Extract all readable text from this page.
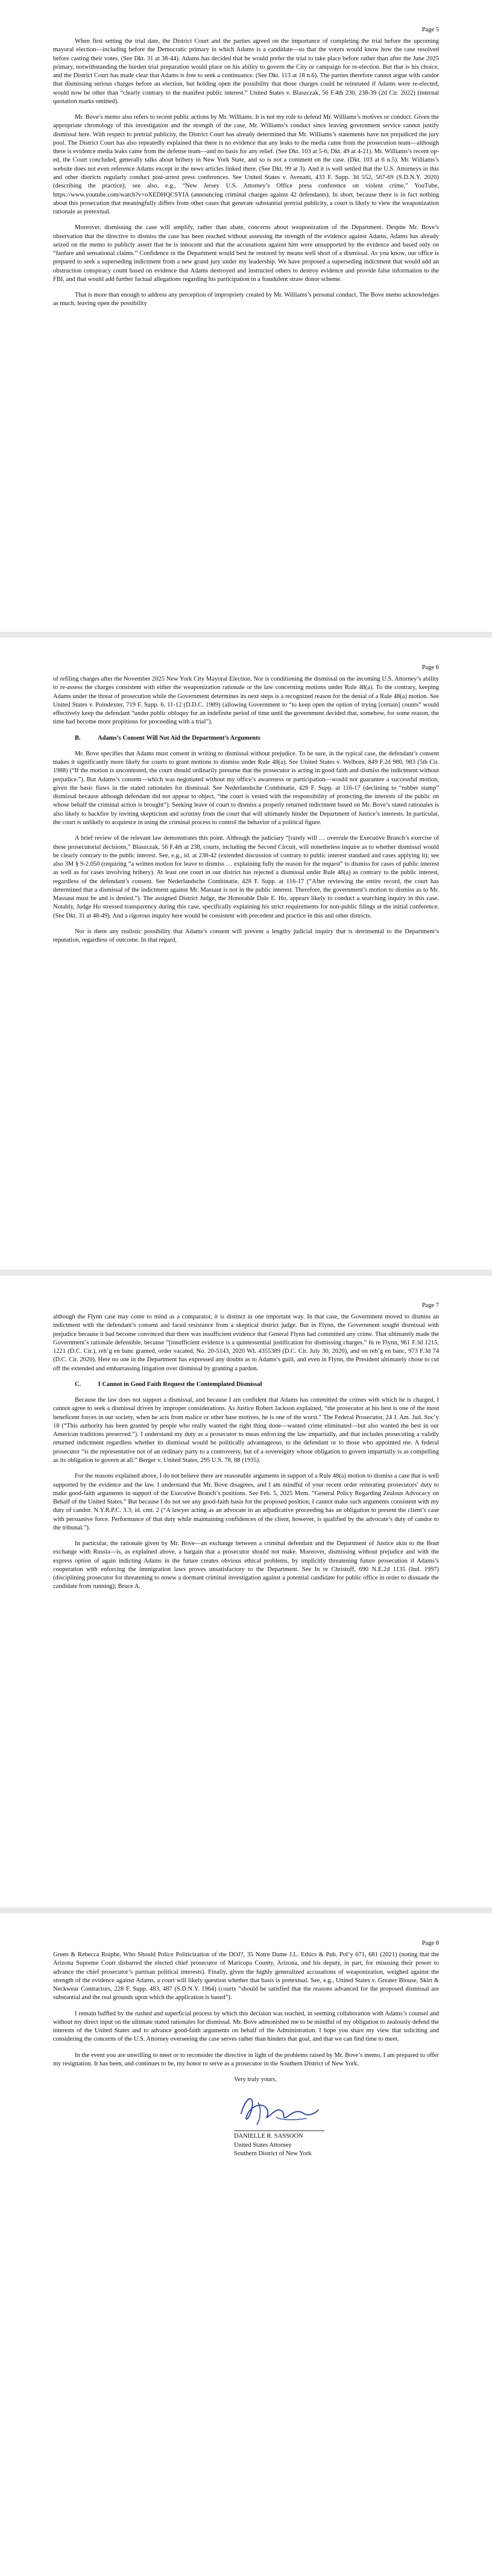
Page 5

When first setting the trial date, the District Court and the parties agreed on the importance of completing the trial before the upcoming mayoral election—including before the Democratic primary in which Adams is a candidate—so that the voters would know how the case resolved before casting their votes. (See Dkt. 31 at 38-44). Adams has decided that he would prefer the trial to take place before rather than after the June 2025 primary, notwithstanding the burden trial preparation would place on his ability to govern the City or campaign for re-election. But that is his choice, and the District Court has made clear that Adams is free to seek a continuance. (See Dkt. 113 at 18 n.6). The parties therefore cannot argue with candor that dismissing serious charges before an election, but holding open the possibility that those charges could be reinstated if Adams were re-elected, would now be other than “clearly contrary to the manifest public interest.” United States v. Blaszczak, 56 F.4th 230, 238-39 (2d Cir. 2022) (internal quotation marks omitted).

Mr. Bove’s memo also refers to recent public actions by Mr. Williams. It is not my role to defend Mr. Williams’s motives or conduct. Given the appropriate chronology of this investigation and the strength of the case, Mr. Williams’s conduct since leaving government service cannot justify dismissal here. With respect to pretrial publicity, the District Court has already determined that Mr. Williams’s statements have not prejudiced the jury pool. The District Court has also repeatedly explained that there is no evidence that any leaks to the media came from the prosecution team—although there is evidence media leaks came from the defense team—and no basis for any relief. (See Dkt. 103 at 5-6; Dkt. 49 at 4-21). Mr. Williams’s recent op-ed, the Court concluded, generally talks about bribery in New York State, and so is not a comment on the case. (Dkt. 103 at 6 n.5). Mr. Williams’s website does not even reference Adams except in the news articles linked there. (See Dkt. 99 at 3). And it is well settled that the U.S. Attorneys in this and other districts regularly conduct post-arrest press conferences. See United States v. Avenatti, 433 F. Supp. 3d 552, 567-69 (S.D.N.Y. 2020) (describing the practice); see also, e.g., “New Jersey U.S. Attorney’s Office press conference on violent crime,” YouTube, https://www.youtube.com/watch?v=oXEDHQCSYIA (announcing criminal charges against 42 defendants). In short, because there is in fact nothing about this prosecution that meaningfully differs from other cases that generate substantial pretrial publicity, a court is likely to view the weaponization rationale as pretextual.

Moreover, dismissing the case will amplify, rather than abate, concerns about weaponization of the Department. Despite Mr. Bove’s observation that the directive to dismiss the case has been reached without assessing the strength of the evidence against Adams, Adams has already seized on the memo to publicly assert that he is innocent and that the accusations against him were unsupported by the evidence and based only on “fanfare and sensational claims.” Confidence in the Department would best be restored by means well short of a dismissal. As you know, our office is prepared to seek a superseding indictment from a new grand jury under my leadership. We have proposed a superseding indictment that would add an obstruction conspiracy count based on evidence that Adams destroyed and instructed others to destroy evidence and provide false information to the FBI, and that would add further factual allegations regarding his participation in a fraudulent straw donor scheme.

That is more than enough to address any perception of impropriety created by Mr. Williams’s personal conduct. The Bove memo acknowledges as much, leaving open the possibility

Page 6

of refiling charges after the November 2025 New York City Mayoral Election. Nor is conditioning the dismissal on the incoming U.S. Attorney’s ability to re-assess the charges consistent with either the weaponization rationale or the law concerning motions under Rule 48(a). To the contrary, keeping Adams under the threat of prosecution while the Government determines its next steps is a recognized reason for the denial of a Rule 48(a) motion. See United States v. Poindexter, 719 F. Supp. 6, 11-12 (D.D.C. 1989) (allowing Government to “to keep open the option of trying [certain] counts” would effectively keep the defendant “under public obloquy for an indefinite period of time until the government decided that, somehow, for some reason, the time had become more propitious for proceeding with a trial”).

B.	Adams’s Consent Will Not Aid the Department’s Arguments

Mr. Bove specifies that Adams must consent in writing to dismissal without prejudice. To be sure, in the typical case, the defendant’s consent makes it significantly more likely for courts to grant motions to dismiss under Rule 48(a). See United States v. Welborn, 849 F.2d 980, 983 (5th Cir. 1988) (“If the motion is uncontested, the court should ordinarily presume that the prosecutor is acting in good faith and dismiss the indictment without prejudice.”). But Adams’s consent—which was negotiated without my office’s awareness or participation—would not guarantee a successful motion, given the basic flaws in the stated rationales for dismissal. See Nederlandsche Combinatie, 428 F. Supp. at 116-17 (declining to “rubber stamp” dismissal because although defendant did not appear to object, “the court is vested with the responsibility of protecting the interests of the public on whose behalf the criminal action is brought”). Seeking leave of court to dismiss a properly returned indictment based on Mr. Bove’s stated rationales is also likely to backfire by inviting skepticism and scrutiny from the court that will ultimately hinder the Department of Justice’s interests. In particular, the court is unlikely to acquiesce in using the criminal process to control the behavior of a political figure.

A brief review of the relevant law demonstrates this point. Although the judiciary “[rarely will … overrule the Executive Branch’s exercise of these prosecutorial decisions,” Blaszczak, 56 F.4th at 238, courts, including the Second Circuit, will nonetheless inquire as to whether dismissal would be clearly contrary to the public interest. See, e.g., id. at 238-42 (extended discussion of contrary to public interest standard and cases applying it); see also 3M § 9-2.050 (requiring “a written motion for leave to dismiss … explaining fully the reason for the request” to dismiss for cases of public interest as well as for cases involving bribery). At least one court in our district has rejected a dismissal under Rule 48(a) as contrary to the public interest, regardless of the defendant’s consent. See Nederlandsche Combinatie, 428 F. Supp. at 116-17 (“After reviewing the entire record, the court has determined that a dismissal of the indictment against Mr. Massaut is not in the public interest. Therefore, the government’s motion to dismiss as to Mr. Massaut must be and is denied.”). The assigned District Judge, the Honorable Dale E. Ho, appears likely to conduct a searching inquiry in this case. Notably, Judge Ho stressed transparency during this case, specifically explaining his strict requirements for non-public filings at the initial conference. (See Dkt. 31 at 48-49). And a rigorous inquiry here would be consistent with precedent and practice in this and other districts.

Nor is there any realistic possibility that Adams’s consent will prevent a lengthy judicial inquiry that is detrimental to the Department’s reputation, regardless of outcome. In that regard,

Page 7

although the Flynn case may come to mind as a comparator, it is distinct in one important way. In that case, the Government moved to dismiss an indictment with the defendant’s consent and faced resistance from a skeptical district judge. But in Flynn, the Government sought dismissal with prejudice because it had become convinced that there was insufficient evidence that General Flynn had committed any crime. That ultimately made the Government’s rationale defensible, because “[insufficient evidence is a quintessential justification for dismissing charges.” In re Flynn, 961 F.3d 1215, 1221 (D.C. Cir.), reh’g en banc granted, order vacated, No. 20-5143, 2020 WL 4355389 (D.C. Cir. July 30, 2020), and on reh’g en banc, 973 F.3d 74 (D.C. Cir. 2020). Here no one in the Department has expressed any doubts as to Adams’s guilt, and even in Flynn, the President ultimately chose to cut off the extended and embarrassing litigation over dismissal by granting a pardon.

C.	I Cannot in Good Faith Request the Contemplated Dismissal

Because the law does not support a dismissal, and because I am confident that Adams has committed the crimes with which he is charged, I cannot agree to seek a dismissal driven by improper considerations. As Justice Robert Jackson explained, “the prosecutor at his best is one of the most beneficent forces in our society, when he acts from malice or other base motives, he is one of the worst.” The Federal Prosecutor, 24 J. Am. Jud. Soc’y 18 (“This authority has been granted by people who really wanted the right thing done—wanted crime eliminated—but also wanted the best in our American traditions preserved.”). I understand my duty as a prosecutor to mean enforcing the law impartially, and that includes prosecuting a validly returned indictment regardless whether its dismissal would be politically advantageous, to the defendant or to those who appointed me. A federal prosecutor “is the representative not of an ordinary party to a controversy, but of a sovereignty whose obligation to govern impartially is as compelling as its obligation to govern at all.” Berger v. United States, 295 U.S. 78, 88 (1935).

For the reasons explained above, I do not believe there are reasonable arguments in support of a Rule 48(a) motion to dismiss a case that is well supported by the evidence and the law. I understand that Mr. Bove disagrees, and I am mindful of your recent order reiterating prosecutors’ duty to make good-faith arguments in support of the Executive Branch’s positions. See Feb. 5, 2025 Mem. “General Policy Regarding Zealous Advocacy on Behalf of the United States.” But because I do not see any good-faith basis for the proposed position, I cannot make such arguments consistent with my duty of candor. N.Y.R.P.C. 3.3; id. cmt. 2 (“A lawyer acting as an advocate in an adjudicative proceeding has an obligation to present the client’s case with persuasive force. Performance of that duty while maintaining confidences of the client, however, is qualified by the advocate’s duty of candor to the tribunal.”).

In particular, the rationale given by Mr. Bove—an exchange between a criminal defendant and the Department of Justice akin to the Bout exchange with Russia—is, as explained above, a bargain that a prosecutor should not make. Moreover, dismissing without prejudice and with the express option of again indicting Adams in the future creates obvious ethical problems, by implicitly threatening future prosecution if Adams’s cooperation with enforcing the immigration laws proves unsatisfactory to the Department. See In re Christoff, 690 N.E.2d 1135 (Ind. 1997) (disciplining prosecutor for threatening to renew a dormant criminal investigation against a potential candidate for public office in order to dissuade the candidate from running); Bruce A.

Page 8

Green & Rebecca Roiphe, Who Should Police Politicization of the DOJ?, 35 Notre Dame J.L. Ethics & Pub. Pol’y 671, 681 (2021) (noting that the Arizona Supreme Court disbarred the elected chief prosecutor of Maricopa County, Arizona, and his deputy, in part, for misusing their power to advance the chief prosecutor’s partisan political interests). Finally, given the highly generalized accusations of weaponization, weighed against the strength of the evidence against Adams, a court will likely question whether that basis is pretextual. See, e.g., United States v. Greater Blouse, Skirt & Neckwear Contractors, 228 F. Supp. 483, 487 (S.D.N.Y. 1964) (courts “should be satisfied that the reasons advanced for the proposed dismissal are substantial and the real grounds upon which the application is based”).

I remain baffled by the rushed and superficial process by which this decision was reached, in seeming collaboration with Adams’s counsel and without my direct input on the ultimate stated rationales for dismissal. Mr. Bove admonished me to be mindful of my obligation to zealously defend the interests of the United States and to advance good-faith arguments on behalf of the Administration. I hope you share my view that soliciting and considering the concerns of the U.S. Attorney overseeing the case serves rather than hinders that goal, and that we can find time to meet.

In the event you are unwilling to meet or to reconsider the directive in light of the problems raised by Mr. Bove’s memo, I am prepared to offer my resignation. It has been, and continues to be, my honor to serve as a prosecutor in the Southern District of New York.

Very truly yours,
DANIELLE R. SASSOON
United States Attorney
Southern District of New York
